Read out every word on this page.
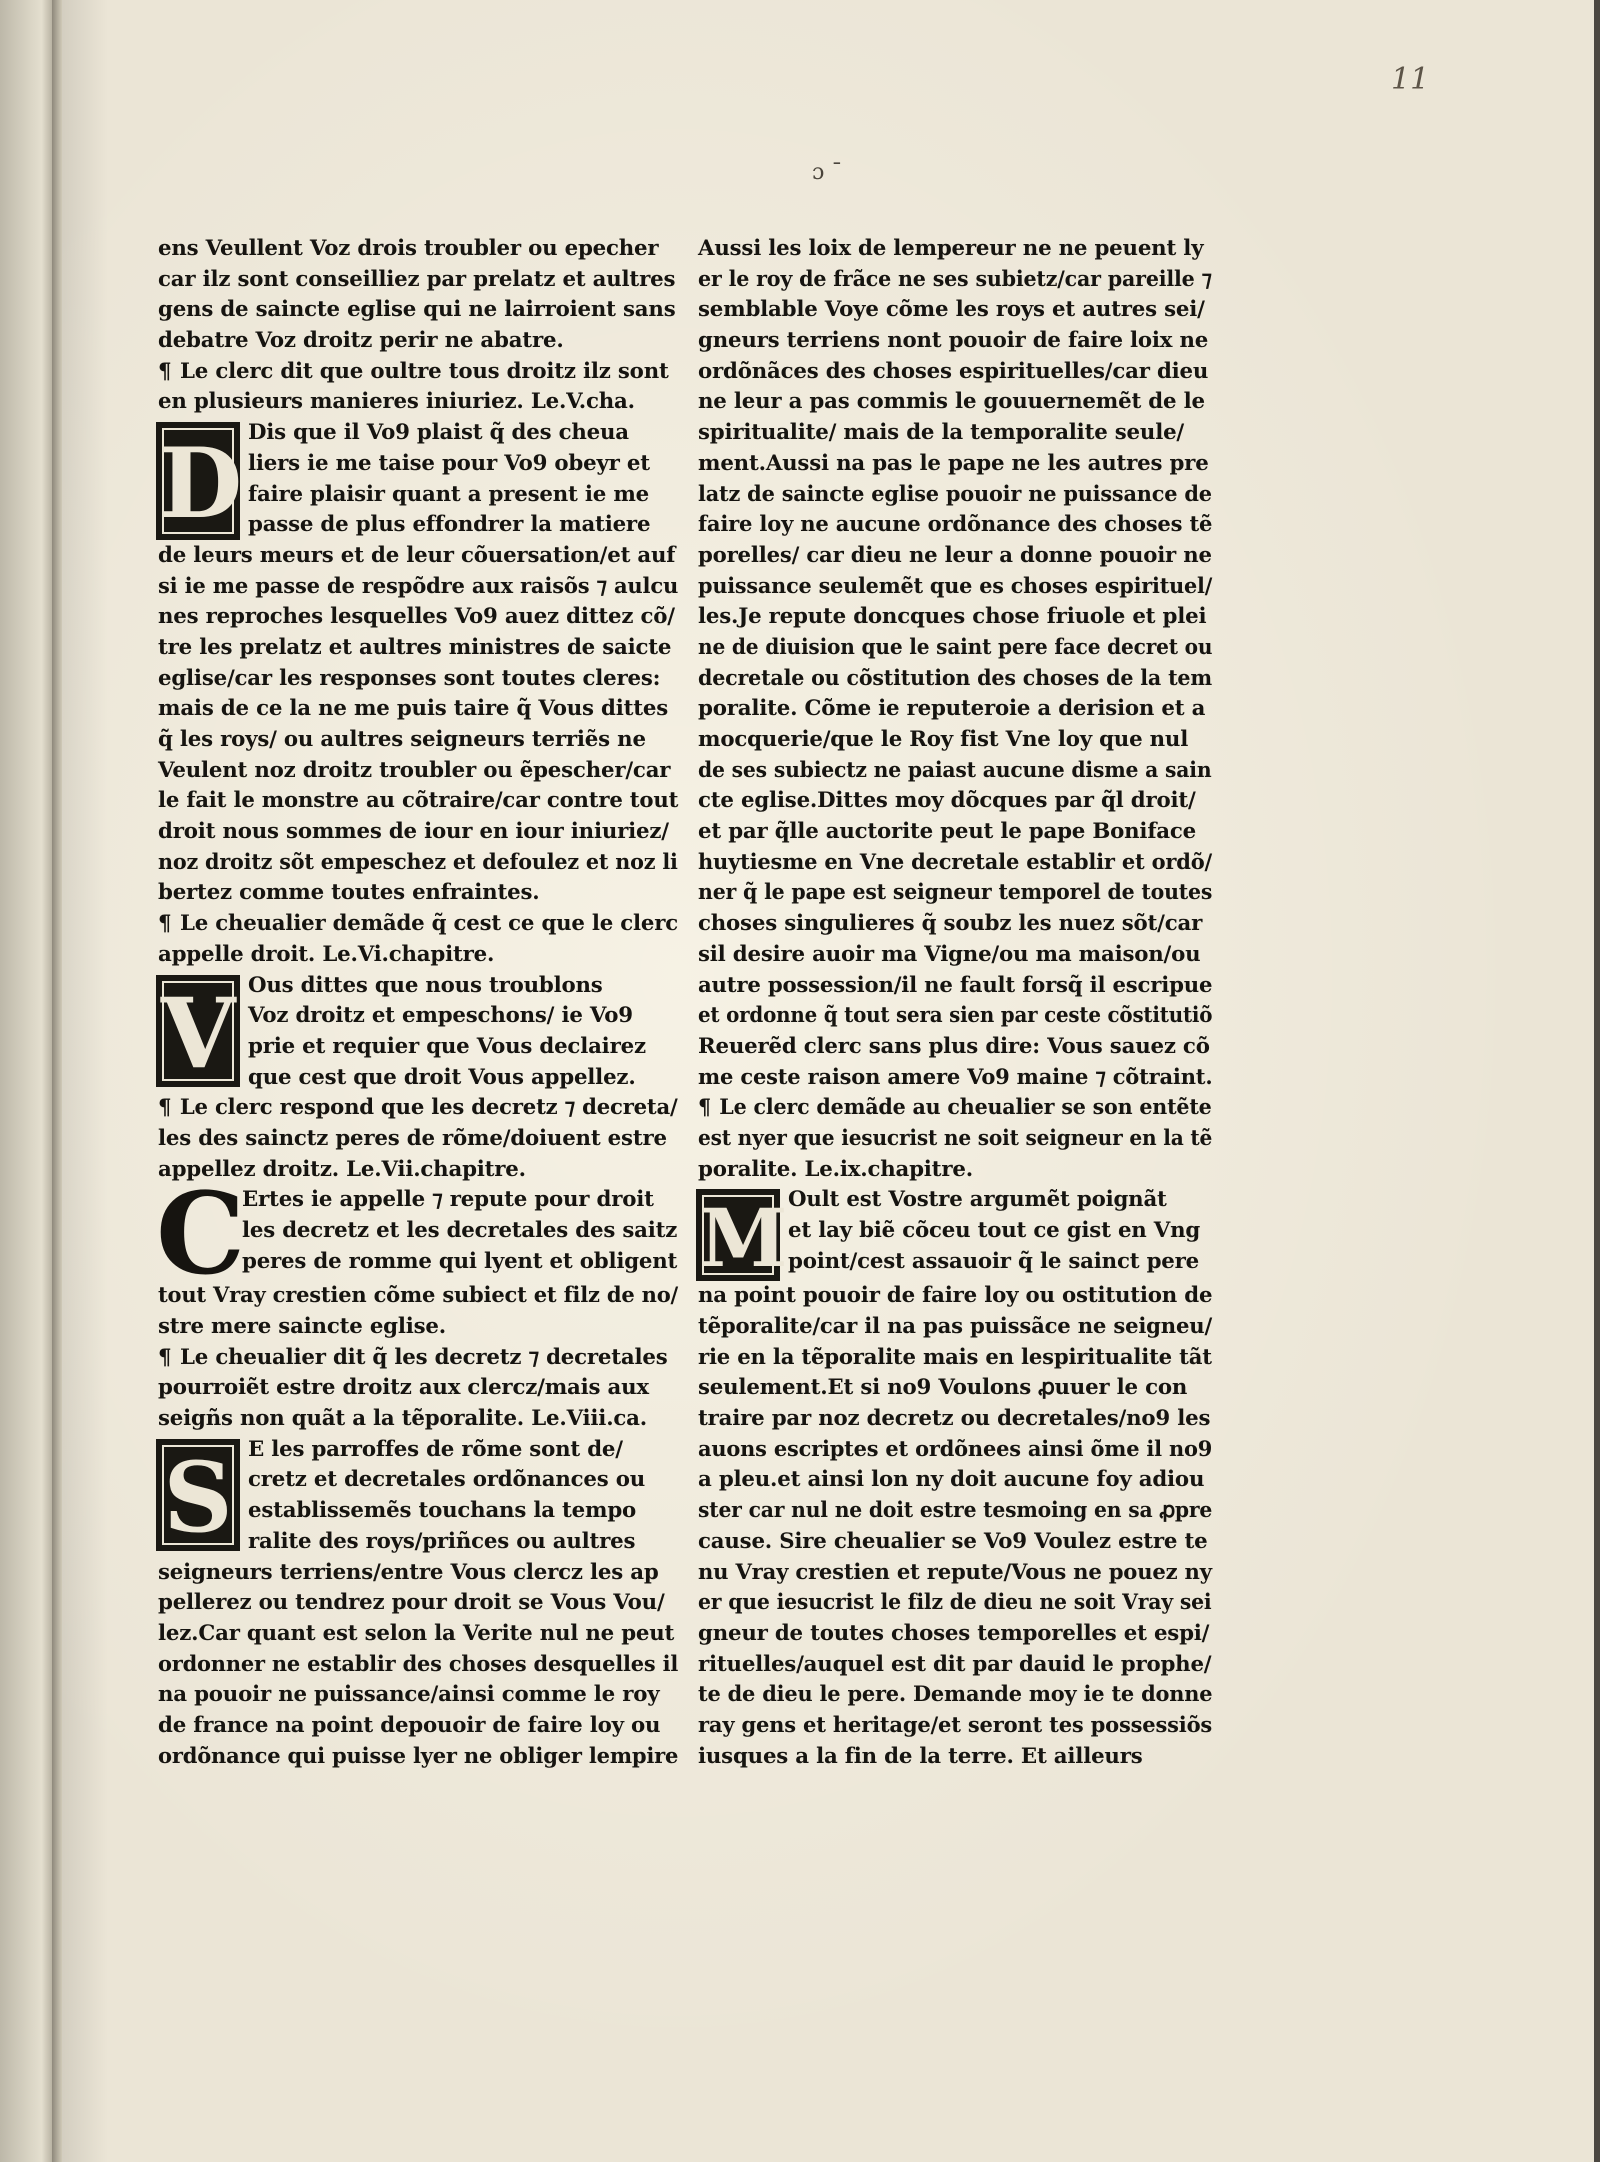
11
ɔ ˉ
ens Veullent Voz drois troubler ou epecher
car ilz sont conseilliez par prelatz et aultres
gens de saincte eglise qui ne lairroient sans
debatre Voz droitz perir ne abatre.
¶ Le clerc dit que oultre tous droitz ilz sont
en plusieurs manieres iniuriez. Le.V.cha.
D Dis que il Vo9 plaist q̃ des cheua
liers ie me taise pour Vo9 obeyr et
faire plaisir quant a present ie me
passe de plus effondrer la matiere
de leurs meurs et de leur cõuersation/et auf
si ie me passe de respõdre aux raisõs ⁊ aulcu
nes reproches lesquelles Vo9 auez dittez cõ/
tre les prelatz et aultres ministres de saicte
eglise/car les responses sont toutes cleres:
mais de ce la ne me puis taire q̃ Vous dittes
q̃ les roys/ ou aultres seigneurs terriẽs ne
Veulent noz droitz troubler ou ẽpescher/car
le fait le monstre au cõtraire/car contre tout
droit nous sommes de iour en iour iniuriez/
noz droitz sõt empeschez et defoulez et noz li
bertez comme toutes enfraintes.
¶ Le cheualier demãde q̃ cest ce que le clerc
appelle droit. Le.Vi.chapitre.
V Ous dittes que nous troublons
Voz droitz et empeschons/ ie Vo9
prie et requier que Vous declairez
que cest que droit Vous appellez.
¶ Le clerc respond que les decretz ⁊ decreta/
les des sainctz peres de rõme/doiuent estre
appellez droitz. Le.Vii.chapitre.
C
Ertes ie appelle ⁊ repute pour droit
les decretz et les decretales des saitz
peres de romme qui lyent et obligent
tout Vray crestien cõme subiect et filz de no/
stre mere saincte eglise.
¶ Le cheualier dit q̃ les decretz ⁊ decretales
pourroiẽt estre droitz aux clercz/mais aux
seigñs non quãt a la tẽporalite. Le.Viii.ca.
S E les parroffes de rõme sont de/
cretz et decretales ordõnances ou
establissemẽs touchans la tempo
ralite des roys/priñces ou aultres
seigneurs terriens/entre Vous clercz les ap
pellerez ou tendrez pour droit se Vous Vou/
lez.Car quant est selon la Verite nul ne peut
ordonner ne establir des choses desquelles il
na pouoir ne puissance/ainsi comme le roy
de france na point depouoir de faire loy ou
ordõnance qui puisse lyer ne obliger lempire
Aussi les loix de lempereur ne ne peuent ly
er le roy de frãce ne ses subietz/car pareille ⁊
semblable Voye cõme les roys et autres sei/
gneurs terriens nont pouoir de faire loix ne
ordõnãces des choses espirituelles/car dieu
ne leur a pas commis le gouuernemẽt de le
spiritualite/ mais de la temporalite seule/
ment.Aussi na pas le pape ne les autres pre
latz de saincte eglise pouoir ne puissance de
faire loy ne aucune ordõnance des choses tẽ
porelles/ car dieu ne leur a donne pouoir ne
puissance seulemẽt que es choses espirituel/
les.Je repute doncques chose friuole et plei
ne de diuision que le saint pere face decret ou
decretale ou cõstitution des choses de la tem
poralite. Cõme ie reputeroie a derision et a
mocquerie/que le Roy fist Vne loy que nul
de ses subiectz ne paiast aucune disme a sain
cte eglise.Dittes moy dõcques par q̃l droit/
et par q̃lle auctorite peut le pape Boniface
huytiesme en Vne decretale establir et ordõ/
ner q̃ le pape est seigneur temporel de toutes
choses singulieres q̃ soubz les nuez sõt/car
sil desire auoir ma Vigne/ou ma maison/ou
autre possession/il ne fault forsq̃ il escripue
et ordonne q̃ tout sera sien par ceste cõstitutiõ
Reuerẽd clerc sans plus dire: Vous sauez cõ
me ceste raison amere Vo9 maine ⁊ cõtraint.
¶ Le clerc demãde au cheualier se son entẽte
est nyer que iesucrist ne soit seigneur en la tẽ
poralite. Le.ix.chapitre.
M Oult est Vostre argumẽt poignãt
et lay biẽ cõceu tout ce gist en Vng
point/cest assauoir q̃ le sainct pere
na point pouoir de faire loy ou ostitution de
tẽporalite/car il na pas puissãce ne seigneu/
rie en la tẽporalite mais en lespiritualite tãt
seulement.Et si no9 Voulons ꝓuuer le con
traire par noz decretz ou decretales/no9 les
auons escriptes et ordõnees ainsi õme il no9
a pleu.et ainsi lon ny doit aucune foy adiou
ster car nul ne doit estre tesmoing en sa ꝓpre
cause. Sire cheualier se Vo9 Voulez estre te
nu Vray crestien et repute/Vous ne pouez ny
er que iesucrist le filz de dieu ne soit Vray sei
gneur de toutes choses temporelles et espi/
rituelles/auquel est dit par dauid le prophe/
te de dieu le pere. Demande moy ie te donne
ray gens et heritage/et seront tes possessiõs
iusques a la fin de la terre. Et ailleurs
